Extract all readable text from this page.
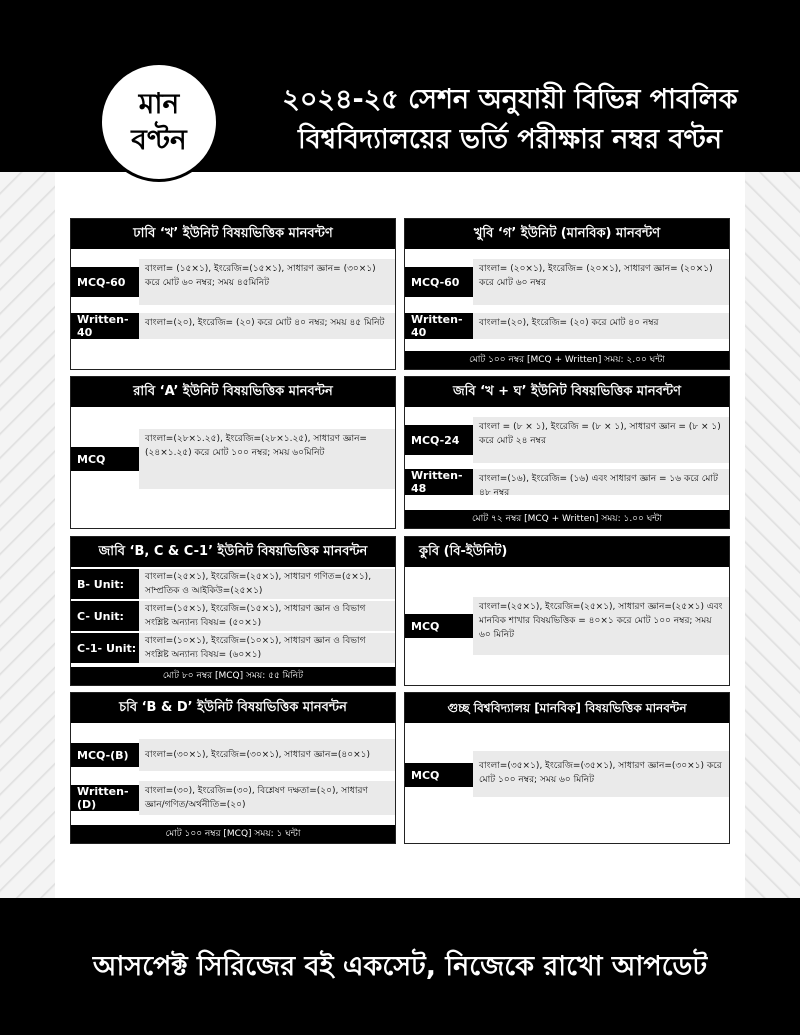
মান
বণ্টন
২০২৪-২৫ সেশন অনুযায়ী বিভিন্ন পাবলিক
বিশ্ববিদ্যালয়ের ভর্তি পরীক্ষার নম্বর বণ্টন
ঢাবি ‘খ’ ইউনিট বিষয়ভিত্তিক মানবন্টণ
MCQ-60
বাংলা= (১৫×১), ইংরেজি=(১৫×১), সাধারণ জ্ঞান= (৩০×১) করে মোট ৬০ নম্বর; সময় ৪৫মিনিট
Written-40
বাংলা=(২০), ইংরেজি= (২০) করে মোট ৪০ নম্বর; সময় ৪৫ মিনিট
খুবি ‘গ’ ইউনিট (মানবিক) মানবন্টণ
MCQ-60
বাংলা= (২০×১), ইংরেজি= (২০×১), সাধারণ জ্ঞান= (২০×১) করে মোট ৬০ নম্বর
Written-40
বাংলা=(২০), ইংরেজি= (২০) করে মোট ৪০ নম্বর
মোট ১০০ নম্বর [MCQ + Written] সময়: ২.০০ ঘন্টা
রাবি ‘A’ ইউনিট বিষয়ভিত্তিক মানবন্টন
MCQ
বাংলা=(২৮×১.২৫), ইংরেজি=(২৮×১.২৫), সাধারণ জ্ঞান=(২৪×১.২৫) করে মোট ১০০ নম্বর; সময় ৬০মিনিট
জবি ‘খ + ঘ’ ইউনিট বিষয়ভিত্তিক মানবন্টণ
MCQ-24
বাংলা = (৮ × ১), ইংরেজি = (৮ × ১), সাধারণ জ্ঞান = (৮ × ১) করে মোট ২৪ নম্বর
Written-48
বাংলা=(১৬), ইংরেজি= (১৬) এবং সাধারণ জ্ঞান = ১৬ করে মোট ৪৮ নম্বর
মোট ৭২ নম্বর [MCQ + Written] সময়: ১.০০ ঘন্টা
জাবি ‘B, C & C-1’ ইউনিট বিষয়ভিত্তিক মানবন্টন
B- Unit:
বাংলা=(২৫×১), ইংরেজি=(২৫×১), সাধারণ গণিত=(৫×১), সাম্প্রতিক ও আইকিউ=(২৫×১)
C- Unit:
বাংলা=(১৫×১), ইংরেজি=(১৫×১), সাধারণ জ্ঞান ও বিভাগ সংশ্লিষ্ট অন্যান্য বিষয়= (৫০×১)
C-1- Unit:
বাংলা=(১০×১), ইংরেজি=(১০×১), সাধারণ জ্ঞান ও বিভাগ সংশ্লিষ্ট অন্যান্য বিষয়= (৬০×১)
মোট ৮০ নম্বর [MCQ] সময়: ৫৫ মিনিট
কুবি (বি-ইউনিট)
MCQ
বাংলা=(২৫×১), ইংরেজি=(২৫×১), সাধারণ জ্ঞান=(২৫×১) এবং মানবিক শাখার বিষয়ভিত্তিক = ৪০×১ করে মোট ১০০ নম্বর; সময় ৬০ মিনিট
চবি ‘B & D’ ইউনিট বিষয়ভিত্তিক মানবন্টন
MCQ-(B)	বাংলা=(৩০×১), ইংরেজি=(৩০×১), সাধারণ জ্ঞান=(৪০×১)
Written-(D)
বাংলা=(৩০), ইংরেজি=(৩০), বিশ্লেষণ দক্ষতা=(২০), সাধারণ জ্ঞান/গণিত/অর্থনীতি=(২০)
মোট ১০০ নম্বর [MCQ] সময়: ১ ঘন্টা
গুচ্ছ বিশ্ববিদ্যালয় [মানবিক] বিষয়ভিত্তিক মানবন্টন
MCQ
বাংলা=(৩৫×১), ইংরেজি=(৩৫×১), সাধারণ জ্ঞান=(৩০×১) করে মোট ১০০ নম্বর; সময় ৬০ মিনিট
আসপেক্ট সিরিজের বই একসেট, নিজেকে রাখো আপডেট
